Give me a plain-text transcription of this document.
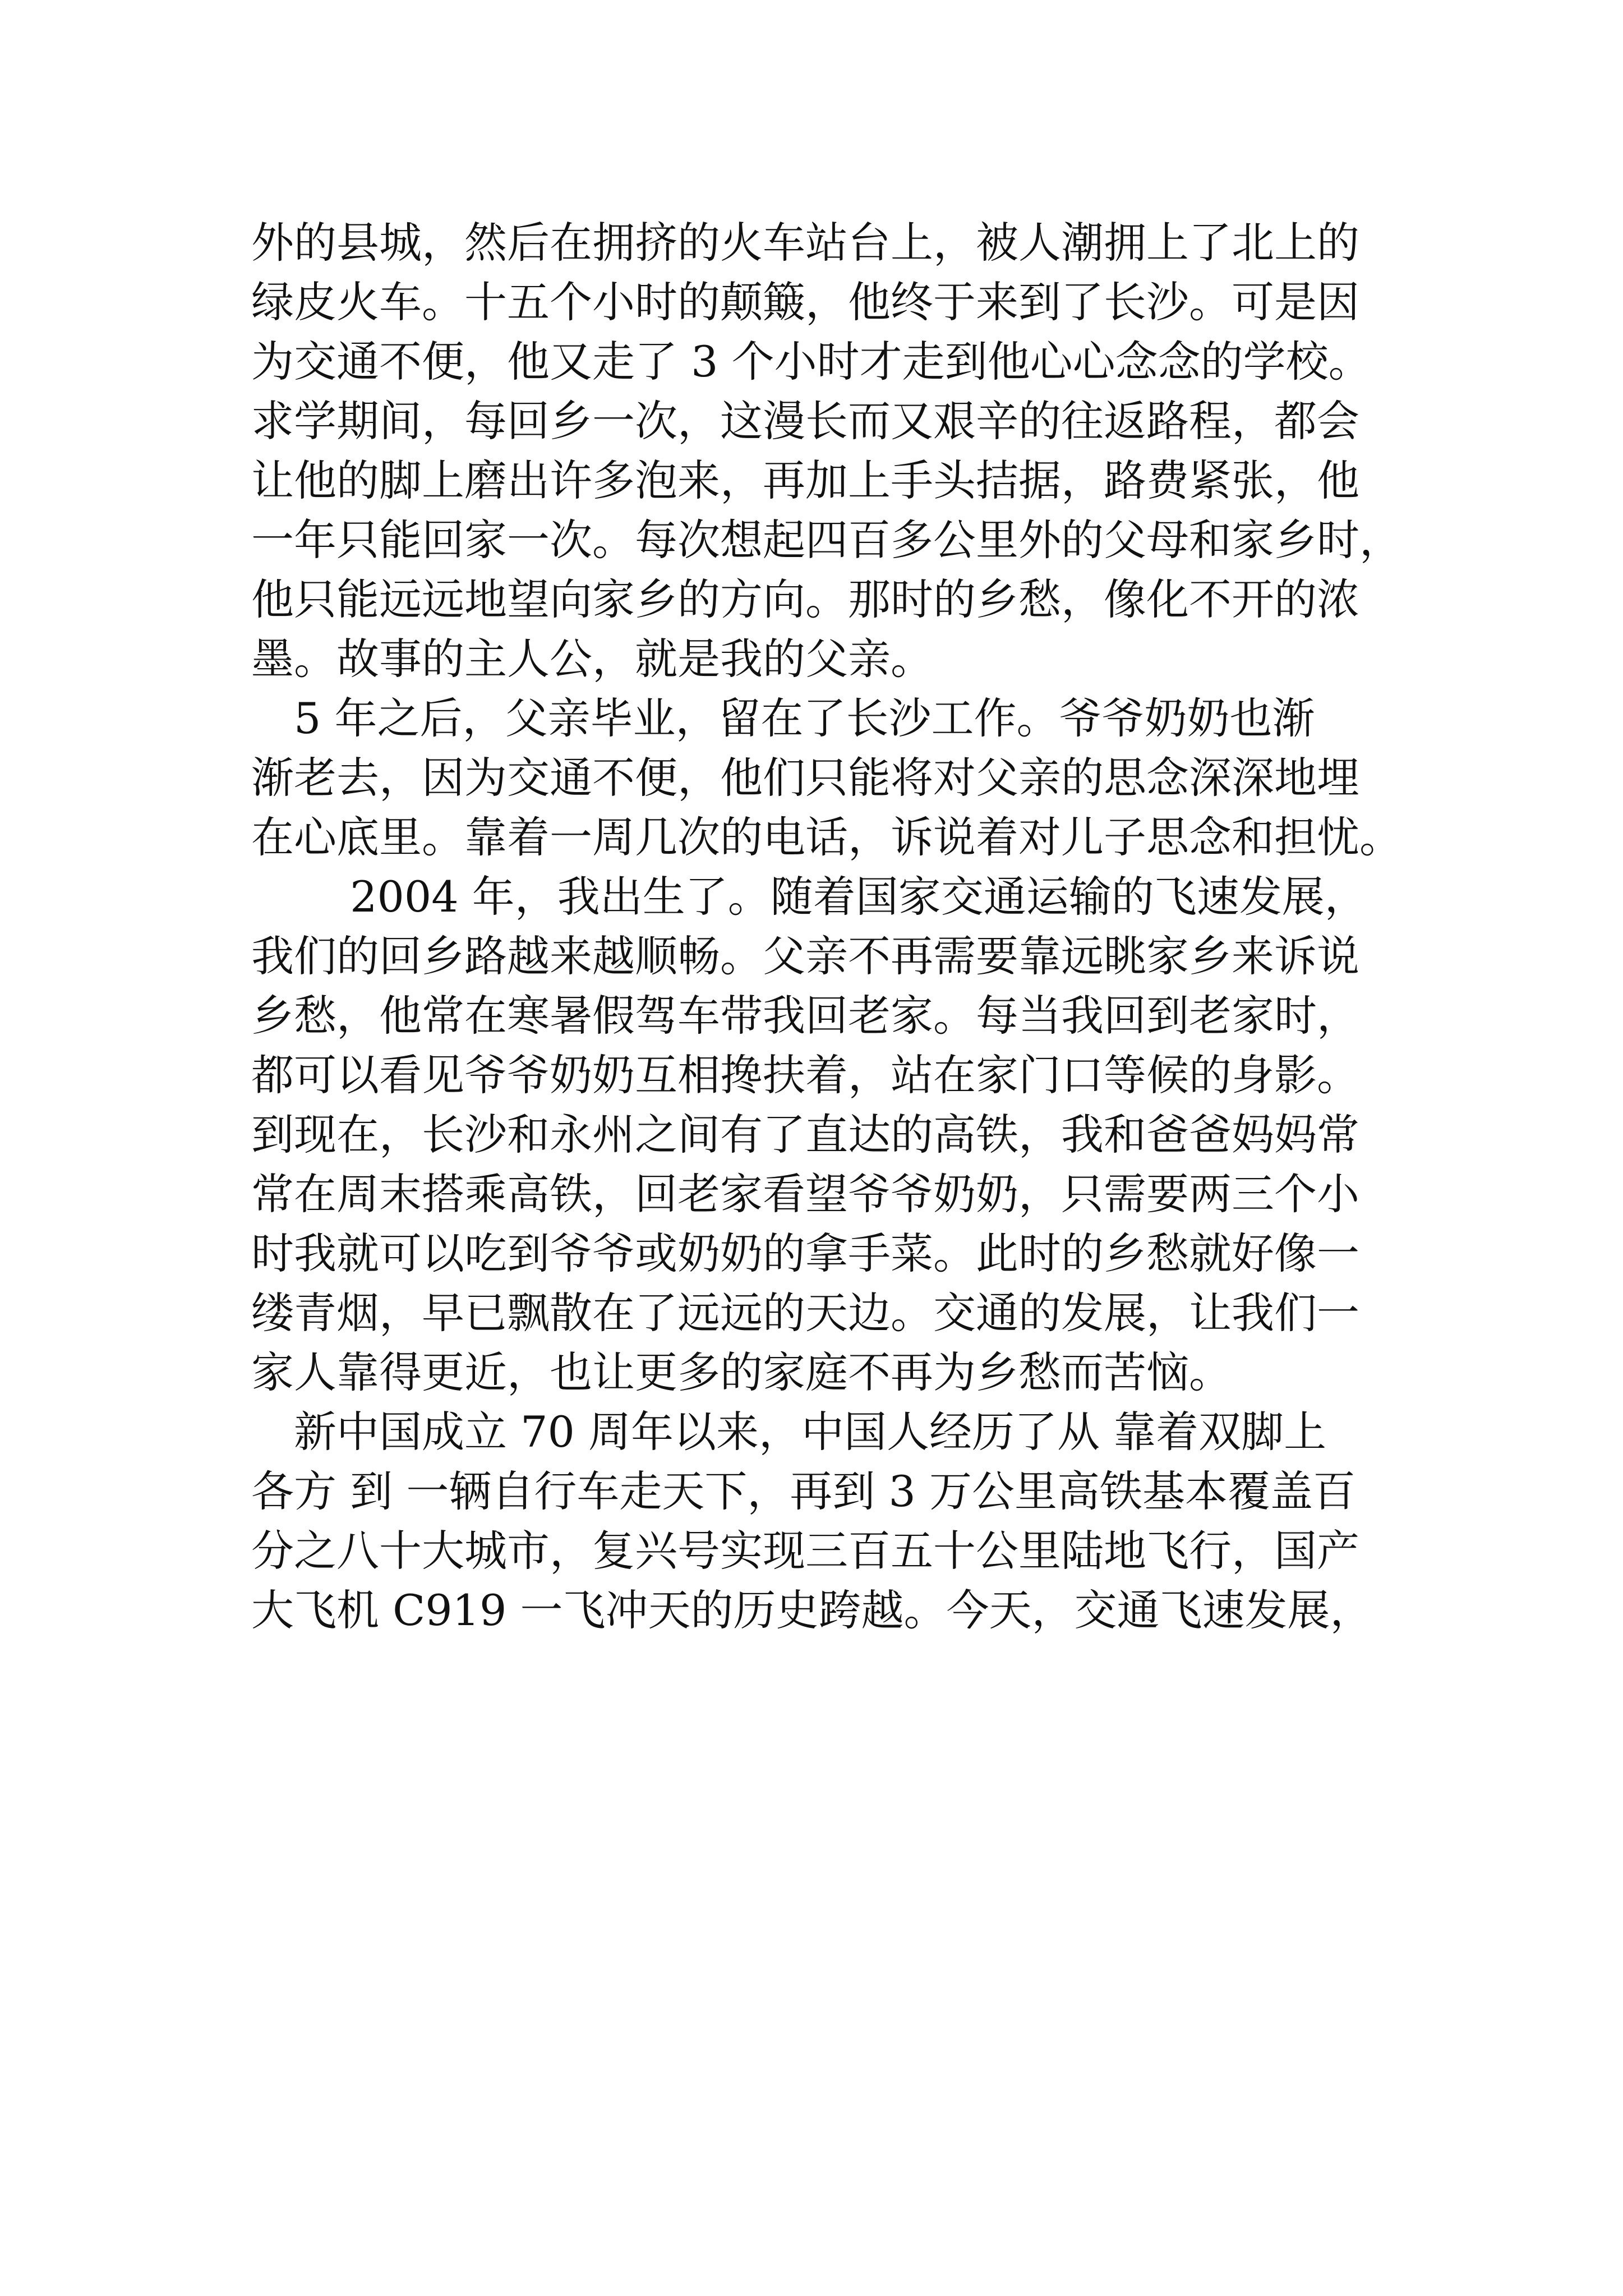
外的县城，然后在拥挤的火车站台上，被人潮拥上了北上的
绿皮火车。十五个小时的颠簸，他终于来到了长沙。可是因
为交通不便，他又走了 3 个小时才走到他心心念念的学校。
求学期间，每回乡一次，这漫长而又艰辛的往返路程，都会
让他的脚上磨出许多泡来，再加上手头拮据，路费紧张，他
一年只能回家一次。每次想起四百多公里外的父母和家乡时，
他只能远远地望向家乡的方向。那时的乡愁，像化不开的浓
墨。故事的主人公，就是我的父亲。
　5 年之后，父亲毕业，留在了长沙工作。爷爷奶奶也渐
渐老去，因为交通不便，他们只能将对父亲的思念深深地埋
在心底里。靠着一周几次的电话，诉说着对儿子思念和担忧。
　　 2004 年，我出生了。随着国家交通运输的飞速发展，
我们的回乡路越来越顺畅。父亲不再需要靠远眺家乡来诉说
乡愁，他常在寒暑假驾车带我回老家。每当我回到老家时，
都可以看见爷爷奶奶互相搀扶着，站在家门口等候的身影。
到现在，长沙和永州之间有了直达的高铁，我和爸爸妈妈常
常在周末搭乘高铁，回老家看望爷爷奶奶，只需要两三个小
时我就可以吃到爷爷或奶奶的拿手菜。此时的乡愁就好像一
缕青烟，早已飘散在了远远的天边。交通的发展，让我们一
家人靠得更近，也让更多的家庭不再为乡愁而苦恼。
　新中国成立 70 周年以来，中国人经历了从 靠着双脚上
各方 到 一辆自行车走天下，再到 3 万公里高铁基本覆盖百
分之八十大城市，复兴号实现三百五十公里陆地飞行，国产
大飞机 C919 一飞冲天的历史跨越。今天，交通飞速发展，
